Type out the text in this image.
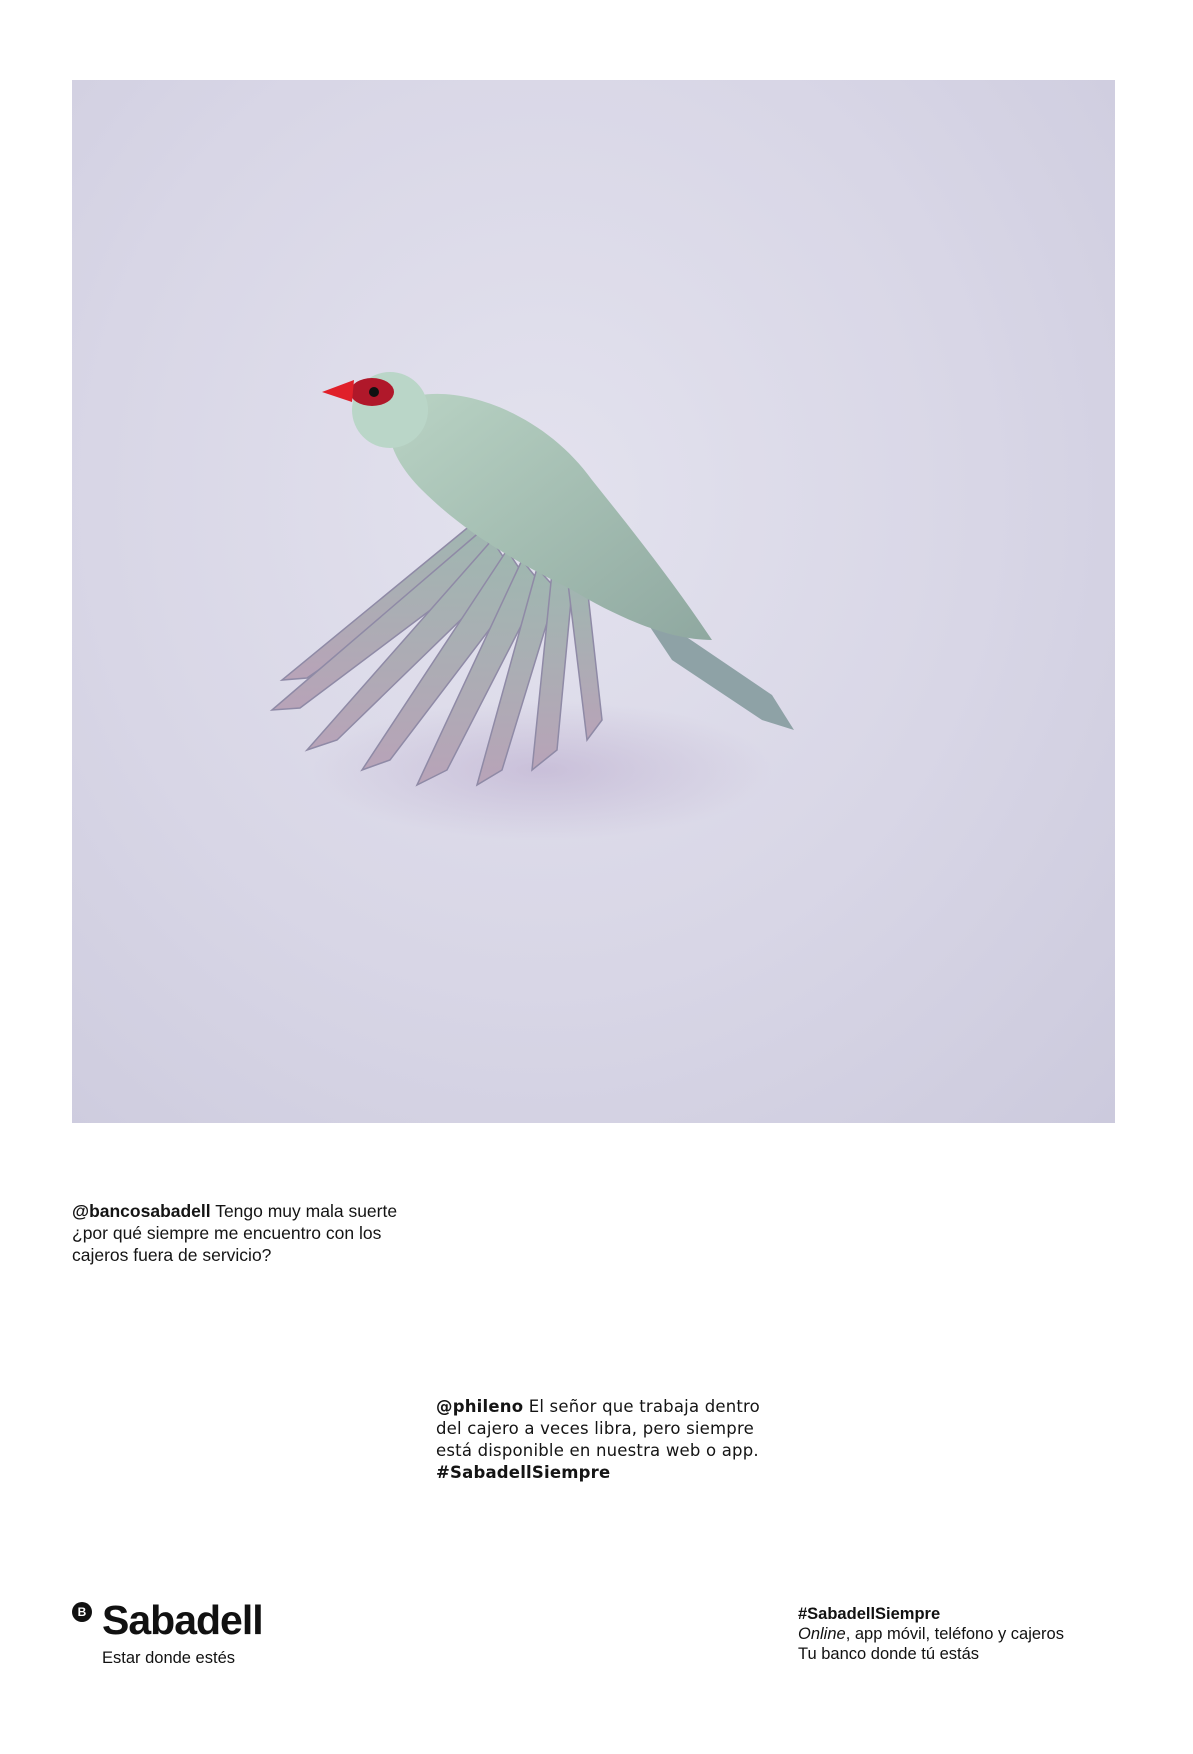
@bancosabadell Tengo muy mala suerte ¿por qué siempre me encuentro con los cajeros fuera de servicio?
@phileno El señor que trabaja dentro del cajero a veces libra, pero siempre está disponible en nuestra web o app.
#SabadellSiempre
B Sabadell
Estar donde estés
#SabadellSiempre
Online, app móvil, teléfono y cajeros
Tu banco donde tú estás
